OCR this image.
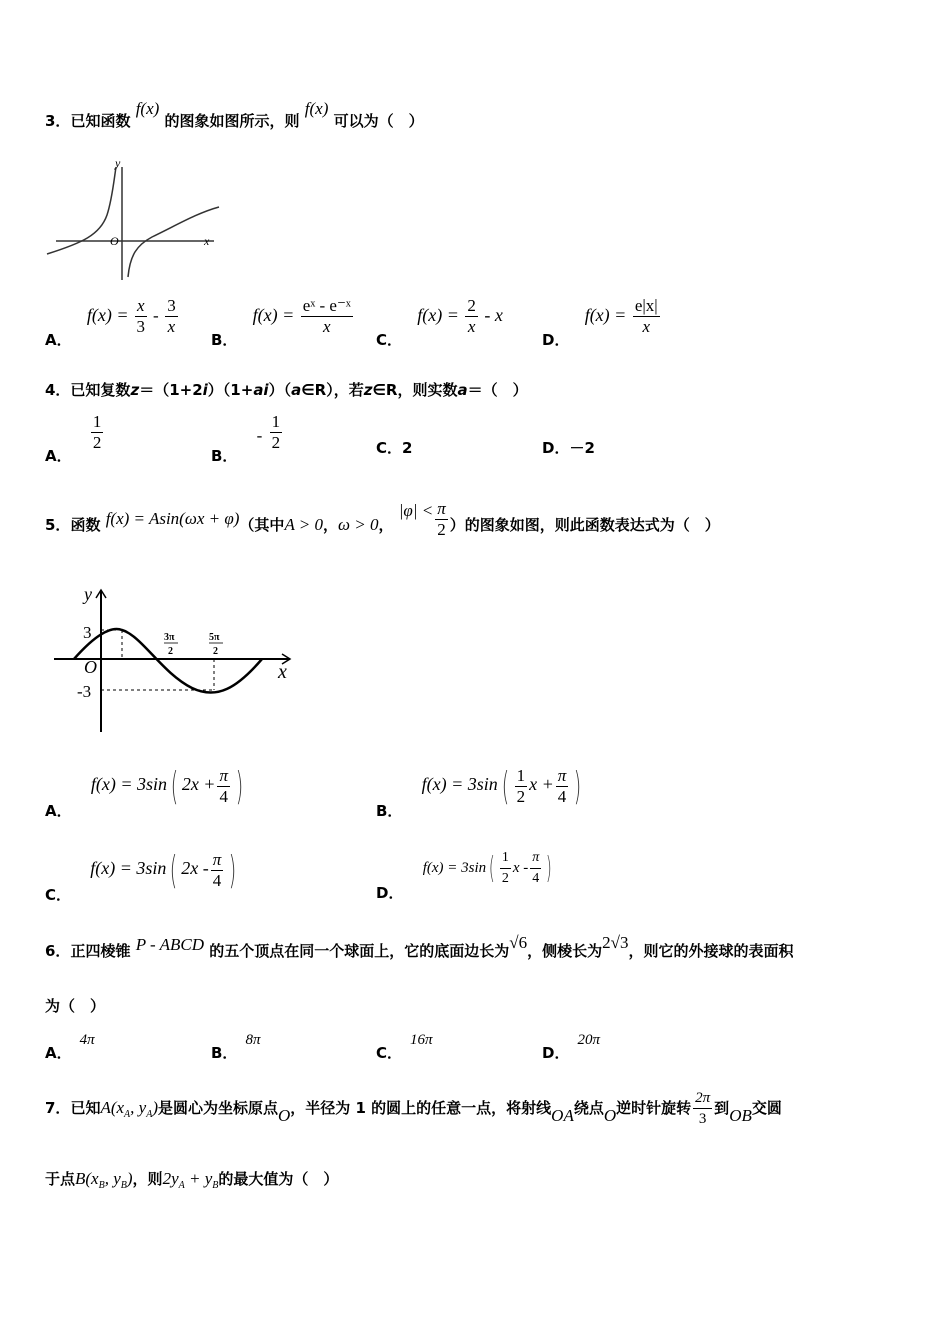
3．已知函数 f(x) 的图象如图所示，则 f(x) 可以为（　）
y
O	x
A． $f(x) = \frac{x}{3} - \frac{3}{x}$
B． $f(x) = \frac{\text{eˣ - e⁻ˣ}}{x}$
C． $f(x) = \frac{2}{x} - x$
D． $f(x) = \frac{e|x|}{x}$
4．已知复数z＝（1+2i）（1+ai）（a∈R），若z∈R，则实数a＝（　）
A．
$\frac{1}{2}$
B． - $\frac{1}{2}$	C．2	D．－2
5．函数 f(x) = Asin(ωx + φ)（其中A > 0，ω > 0， $|\varphi| < \frac{\pi}{2}$ ）的图象如图，则此函数表达式为（　）
y
x
O
3
-3
3π
2
5π
2
A． f(x) = 3sin( $2x + \frac{\pi}{4}$ )
B． $f(x) = 3\sin( \frac{1}{2}$ $x + \frac{\pi}{4}$ )
C． f(x) = 3sin( $2x - \frac{\pi}{4}$ )
D． $f(x) = 3\sin( \frac{1}{2}$ x - $\frac{\pi}{4}$ )
6．正四棱锥 P - ABCD 的五个顶点在同一个球面上，它的底面边长为√6，侧棱长为2√3，则它的外接球的表面积
为（　）
A．4π
B．8π
C．16π
D．20π
7．已知$A(x_A$, $y_A$)是圆心为坐标原点O，半径为 1 的圆上的任意一点，将射线OA绕点O逆时针旋转 $\frac{2\pi}{3}$ 到OB交圆
于点$B(x_B$, $y_B$)，则$2y_A + y_B$的最大值为（　）
